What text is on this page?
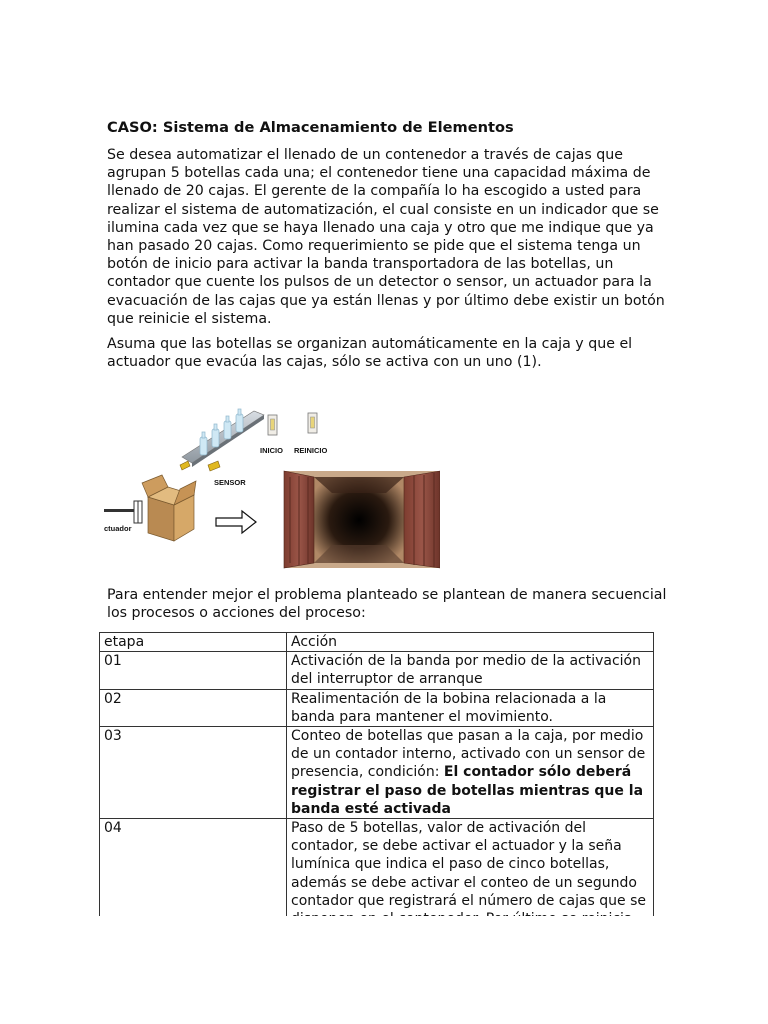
CASO: Sistema de Almacenamiento de Elementos

Se desea automatizar el llenado de un contenedor a través de cajas que agrupan 5 botellas cada una; el contenedor tiene una capacidad máxima de llenado de 20 cajas. El gerente de la compañía lo ha escogido a usted para realizar el sistema de automatización, el cual consiste en un indicador que se ilumina cada vez que se haya llenado una caja y otro que me indique que ya han pasado 20 cajas. Como requerimiento se pide que el sistema tenga un botón de inicio para activar la banda transportadora de las botellas, un contador que cuente los pulsos de un detector o sensor, un actuador para la evacuación de las cajas que ya están llenas y por último debe existir un botón que reinicie el sistema.

Asuma que las botellas se organizan automáticamente en la caja y que el actuador que evacúa las cajas, sólo se activa con un uno (1).

INICIO REINICIO
SENSOR
ctuador

Para entender mejor el problema planteado se plantean de manera secuencial los procesos o acciones del proceso:

etapa	Acción
01	Activación de la banda por medio de la activación del interruptor de arranque
02	Realimentación de la bobina relacionada a la banda para mantener el movimiento.
03	Conteo de botellas que pasan a la caja, por medio de un contador interno, activado con un sensor de presencia, condición: El contador sólo deberá registrar el paso de botellas mientras que la banda esté activada
04	Paso de 5 botellas, valor de activación del contador, se debe activar el actuador y la seña lumínica que indica el paso de cinco botellas, además se debe activar el conteo de un segundo contador que registrará el número de cajas que se
